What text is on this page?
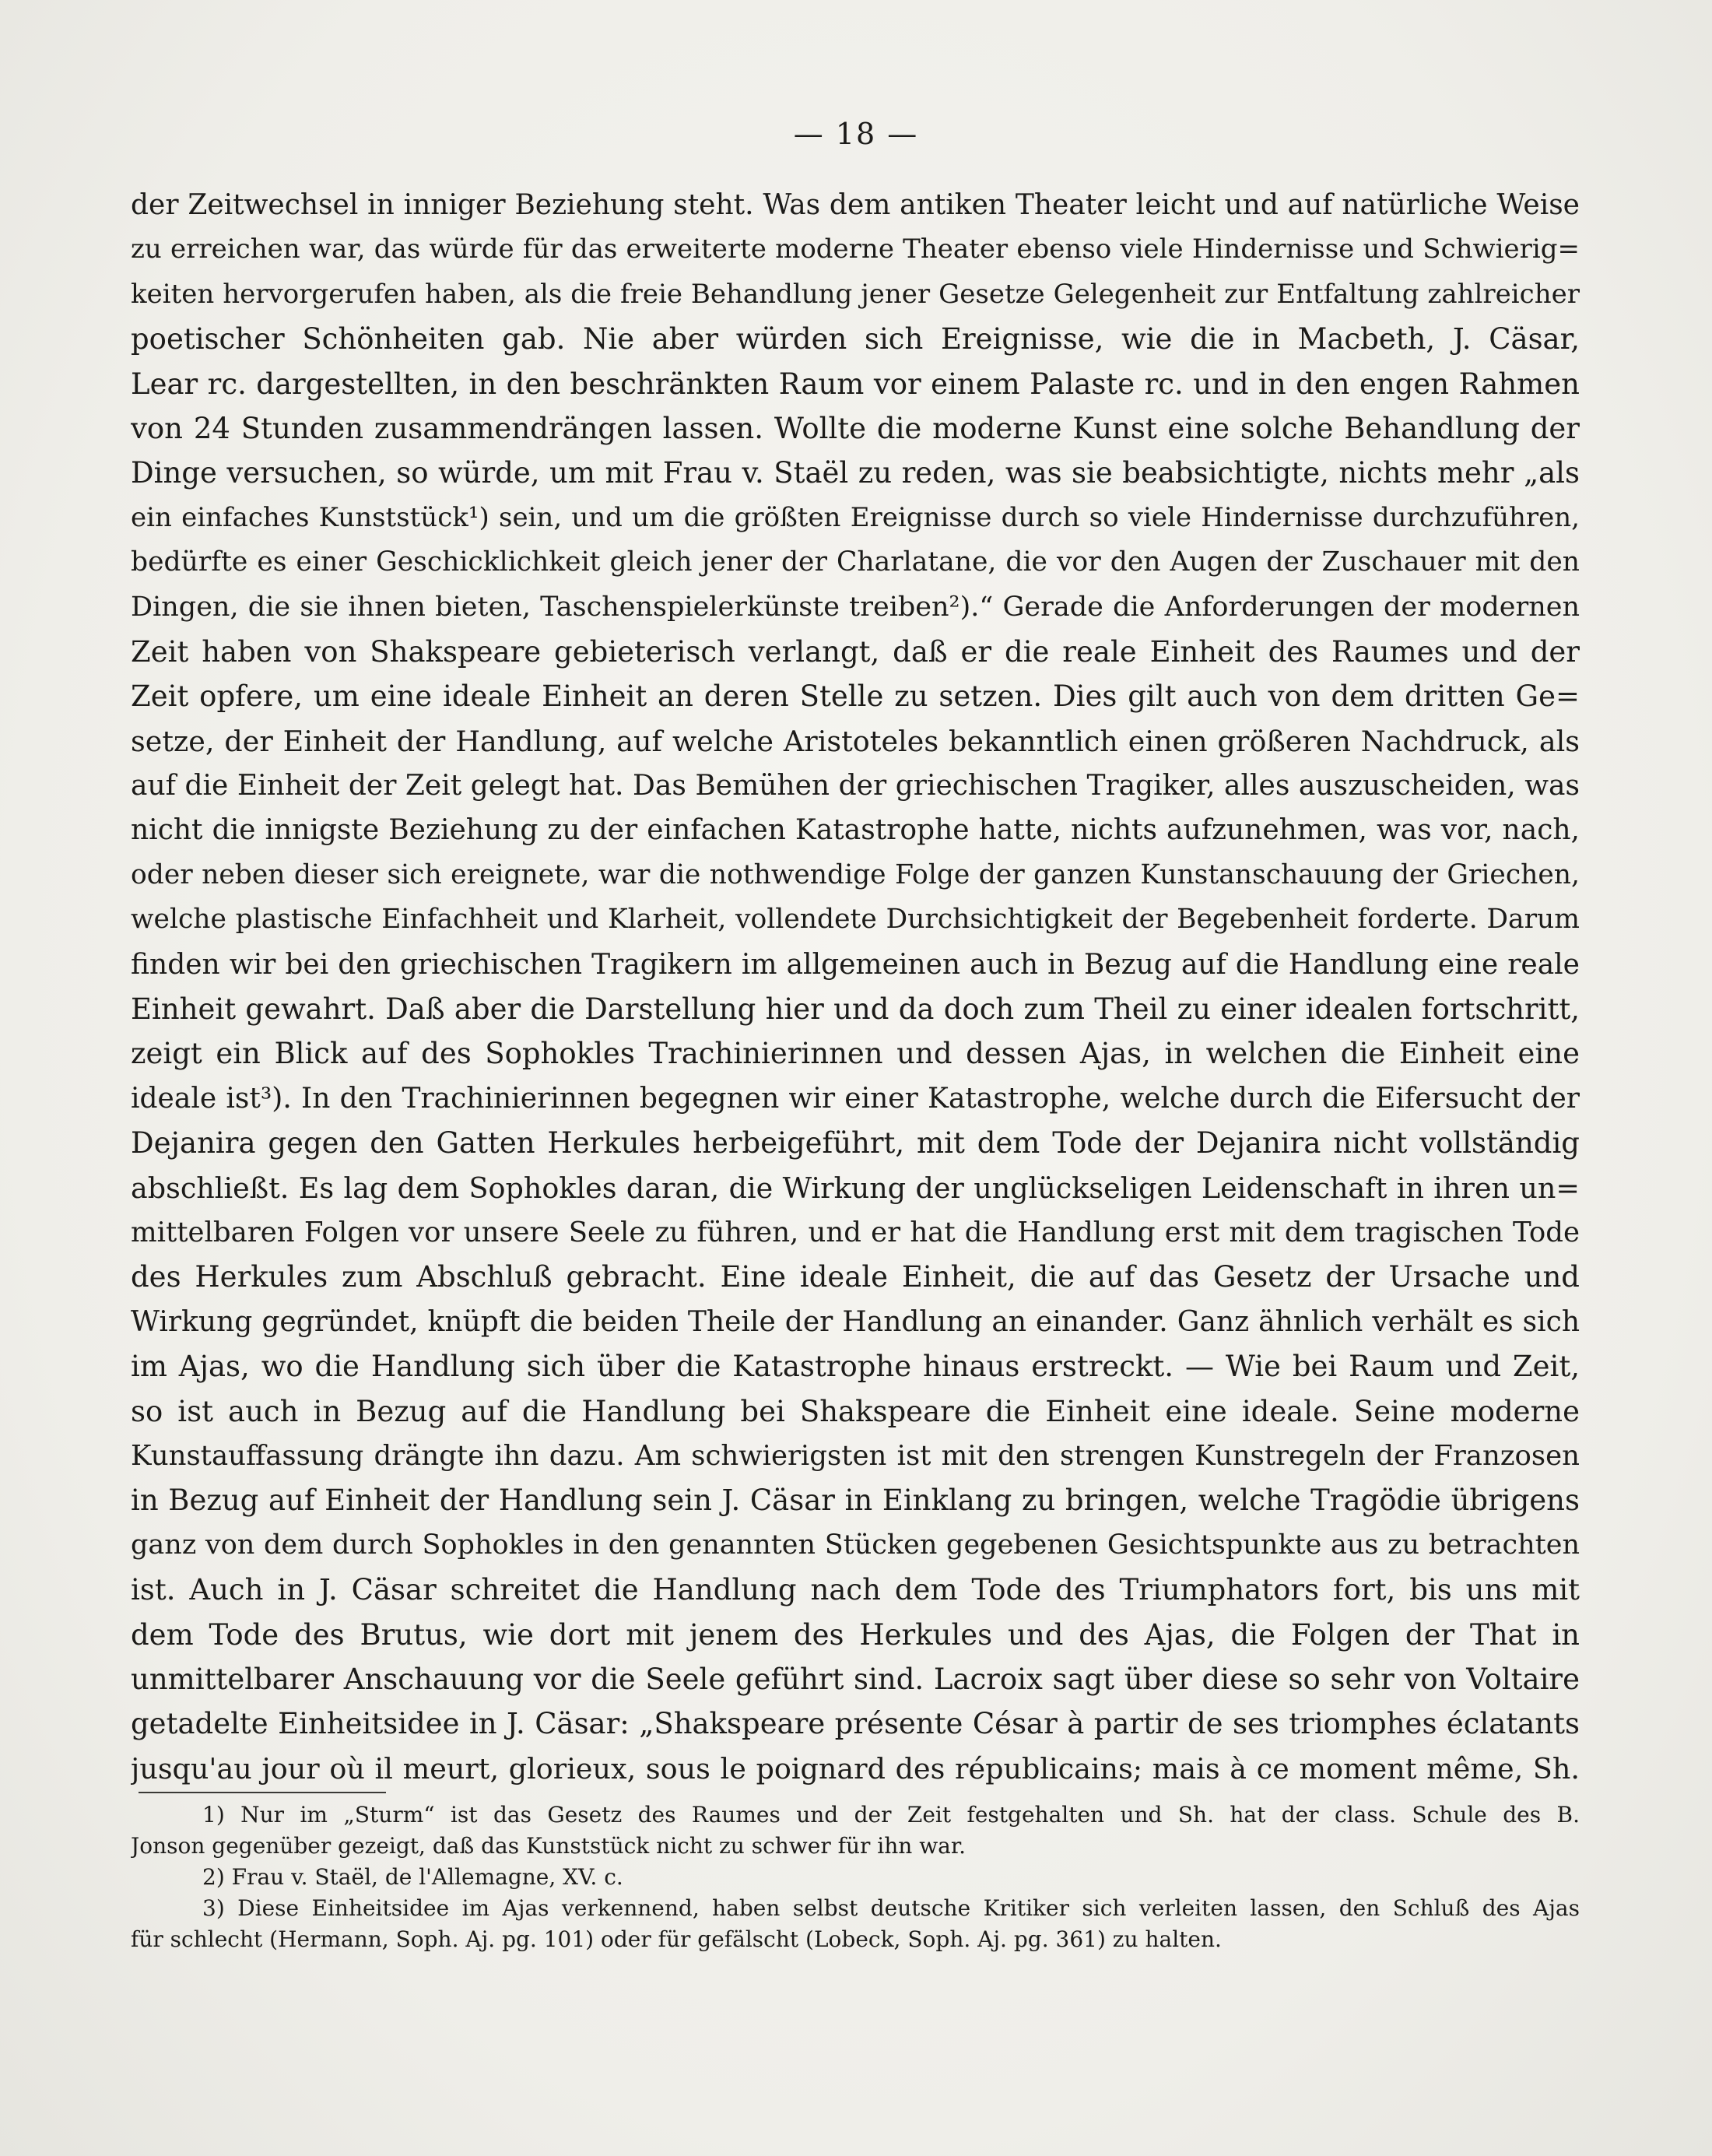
— 18 —
der Zeitwechsel in inniger Beziehung steht. Was dem antiken Theater leicht und auf natürliche Weise
zu erreichen war, das würde für das erweiterte moderne Theater ebenso viele Hindernisse und Schwierig=
keiten hervorgerufen haben, als die freie Behandlung jener Gesetze Gelegenheit zur Entfaltung zahlreicher
poetischer Schönheiten gab. Nie aber würden sich Ereignisse, wie die in Macbeth, J. Cäsar,
Lear rc. dargestellten, in den beschränkten Raum vor einem Palaste rc. und in den engen Rahmen
von 24 Stunden zusammendrängen lassen. Wollte die moderne Kunst eine solche Behandlung der
Dinge versuchen, so würde, um mit Frau v. Staël zu reden, was sie beabsichtigte, nichts mehr „als
ein einfaches Kunststück¹) sein, und um die größten Ereignisse durch so viele Hindernisse durchzuführen,
bedürfte es einer Geschicklichkeit gleich jener der Charlatane, die vor den Augen der Zuschauer mit den
Dingen, die sie ihnen bieten, Taschenspielerkünste treiben²).“ Gerade die Anforderungen der modernen
Zeit haben von Shakspeare gebieterisch verlangt, daß er die reale Einheit des Raumes und der
Zeit opfere, um eine ideale Einheit an deren Stelle zu setzen. Dies gilt auch von dem dritten Ge=
setze, der Einheit der Handlung, auf welche Aristoteles bekanntlich einen größeren Nachdruck, als
auf die Einheit der Zeit gelegt hat. Das Bemühen der griechischen Tragiker, alles auszuscheiden, was
nicht die innigste Beziehung zu der einfachen Katastrophe hatte, nichts aufzunehmen, was vor, nach,
oder neben dieser sich ereignete, war die nothwendige Folge der ganzen Kunstanschauung der Griechen,
welche plastische Einfachheit und Klarheit, vollendete Durchsichtigkeit der Begebenheit forderte. Darum
finden wir bei den griechischen Tragikern im allgemeinen auch in Bezug auf die Handlung eine reale
Einheit gewahrt. Daß aber die Darstellung hier und da doch zum Theil zu einer idealen fortschritt,
zeigt ein Blick auf des Sophokles Trachinierinnen und dessen Ajas, in welchen die Einheit eine
ideale ist³). In den Trachinierinnen begegnen wir einer Katastrophe, welche durch die Eifersucht der
Dejanira gegen den Gatten Herkules herbeigeführt, mit dem Tode der Dejanira nicht vollständig
abschließt. Es lag dem Sophokles daran, die Wirkung der unglückseligen Leidenschaft in ihren un=
mittelbaren Folgen vor unsere Seele zu führen, und er hat die Handlung erst mit dem tragischen Tode
des Herkules zum Abschluß gebracht. Eine ideale Einheit, die auf das Gesetz der Ursache und
Wirkung gegründet, knüpft die beiden Theile der Handlung an einander. Ganz ähnlich verhält es sich
im Ajas, wo die Handlung sich über die Katastrophe hinaus erstreckt. — Wie bei Raum und Zeit,
so ist auch in Bezug auf die Handlung bei Shakspeare die Einheit eine ideale. Seine moderne
Kunstauffassung drängte ihn dazu. Am schwierigsten ist mit den strengen Kunstregeln der Franzosen
in Bezug auf Einheit der Handlung sein J. Cäsar in Einklang zu bringen, welche Tragödie übrigens
ganz von dem durch Sophokles in den genannten Stücken gegebenen Gesichtspunkte aus zu betrachten
ist. Auch in J. Cäsar schreitet die Handlung nach dem Tode des Triumphators fort, bis uns mit
dem Tode des Brutus, wie dort mit jenem des Herkules und des Ajas, die Folgen der That in
unmittelbarer Anschauung vor die Seele geführt sind. Lacroix sagt über diese so sehr von Voltaire
getadelte Einheitsidee in J. Cäsar: „Shakspeare présente César à partir de ses triomphes éclatants
jusqu'au jour où il meurt, glorieux, sous le poignard des républicains; mais à ce moment même, Sh.
1) Nur im „Sturm“ ist das Gesetz des Raumes und der Zeit festgehalten und Sh. hat der class. Schule des B.
Jonson gegenüber gezeigt, daß das Kunststück nicht zu schwer für ihn war.
2) Frau v. Staël, de l'Allemagne, XV. c.
3) Diese Einheitsidee im Ajas verkennend, haben selbst deutsche Kritiker sich verleiten lassen, den Schluß des Ajas
für schlecht (Hermann, Soph. Aj. pg. 101) oder für gefälscht (Lobeck, Soph. Aj. pg. 361) zu halten.
